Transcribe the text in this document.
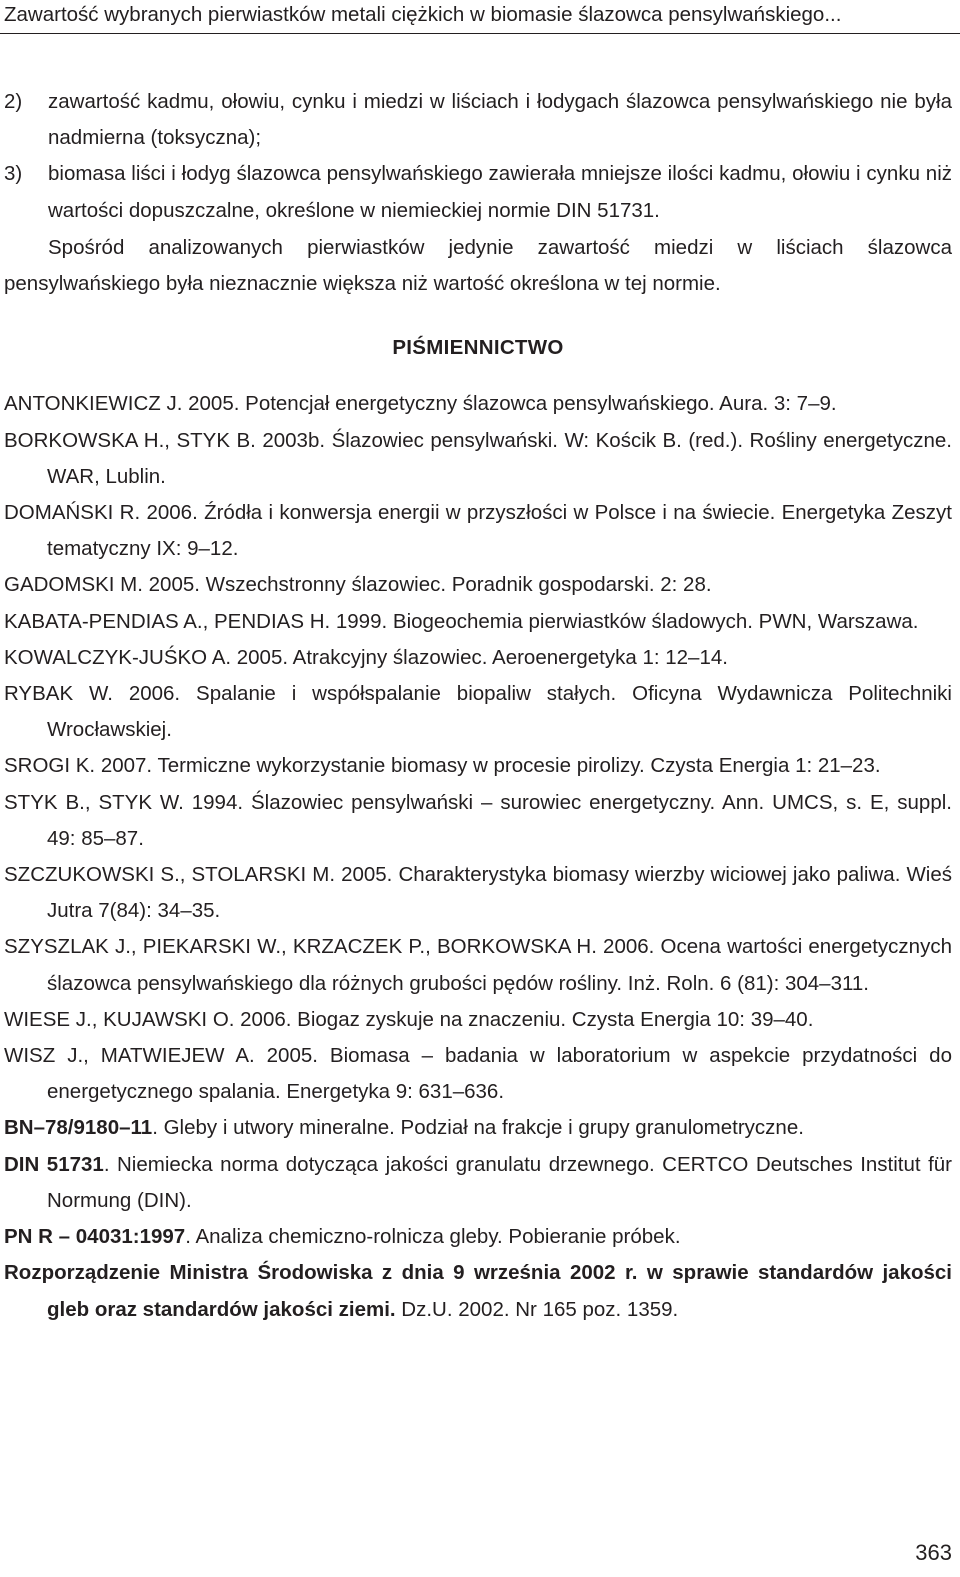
Zawartość wybranych pierwiastków metali ciężkich w biomasie ślazowca pensylwańskiego...
2) zawartość kadmu, ołowiu, cynku i miedzi w liściach i łodygach ślazowca pensylwańskiego nie była nadmierna (toksyczna);
3) biomasa liści i łodyg ślazowca pensylwańskiego zawierała mniejsze ilości kadmu, ołowiu i cynku niż wartości dopuszczalne, określone w niemieckiej normie DIN 51731.
Spośród analizowanych pierwiastków jedynie zawartość miedzi w liściach ślazowca pensylwańskiego była nieznacznie większa niż wartość określona w tej normie.
PIŚMIENNICTWO
ANTONKIEWICZ J. 2005. Potencjał energetyczny ślazowca pensylwańskiego. Aura. 3: 7–9.
BORKOWSKA H., STYK B. 2003b. Ślazowiec pensylwański. W: Kościk B. (red.). Rośliny energetyczne. WAR, Lublin.
DOMAŃSKI R. 2006. Źródła i konwersja energii w przyszłości w Polsce i na świecie. Energetyka Zeszyt tematyczny IX: 9–12.
GADOMSKI M. 2005. Wszechstronny ślazowiec. Poradnik gospodarski. 2: 28.
KABATA-PENDIAS A., PENDIAS H. 1999. Biogeochemia pierwiastków śladowych. PWN, Warszawa.
KOWALCZYK-JUŚKO A. 2005. Atrakcyjny ślazowiec. Aeroenergetyka 1: 12–14.
RYBAK W. 2006. Spalanie i współspalanie biopaliw stałych. Oficyna Wydawnicza Politechniki Wrocławskiej.
SROGI K. 2007. Termiczne wykorzystanie biomasy w procesie pirolizy. Czysta Energia 1: 21–23.
STYK B., STYK W. 1994. Ślazowiec pensylwański – surowiec energetyczny. Ann. UMCS, s. E, suppl. 49: 85–87.
SZCZUKOWSKI S., STOLARSKI M. 2005. Charakterystyka biomasy wierzby wiciowej jako paliwa. Wieś Jutra 7(84): 34–35.
SZYSZLAK J., PIEKARSKI W., KRZACZEK P., BORKOWSKA H. 2006. Ocena wartości energetycznych ślazowca pensylwańskiego dla różnych grubości pędów rośliny. Inż. Roln. 6 (81): 304–311.
WIESE J., KUJAWSKI O. 2006. Biogaz zyskuje na znaczeniu. Czysta Energia 10: 39–40.
WISZ J., MATWIEJEW A. 2005. Biomasa – badania w laboratorium w aspekcie przydatności do energetycznego spalania. Energetyka 9: 631–636.
BN–78/9180–11. Gleby i utwory mineralne. Podział na frakcje i grupy granulometryczne.
DIN 51731. Niemiecka norma dotycząca jakości granulatu drzewnego. CERTCO Deutsches Institut für Normung (DIN).
PN R – 04031:1997. Analiza chemiczno-rolnicza gleby. Pobieranie próbek.
Rozporządzenie Ministra Środowiska z dnia 9 września 2002 r. w sprawie standardów jakości gleb oraz standardów jakości ziemi. Dz.U. 2002. Nr 165 poz. 1359.
363
